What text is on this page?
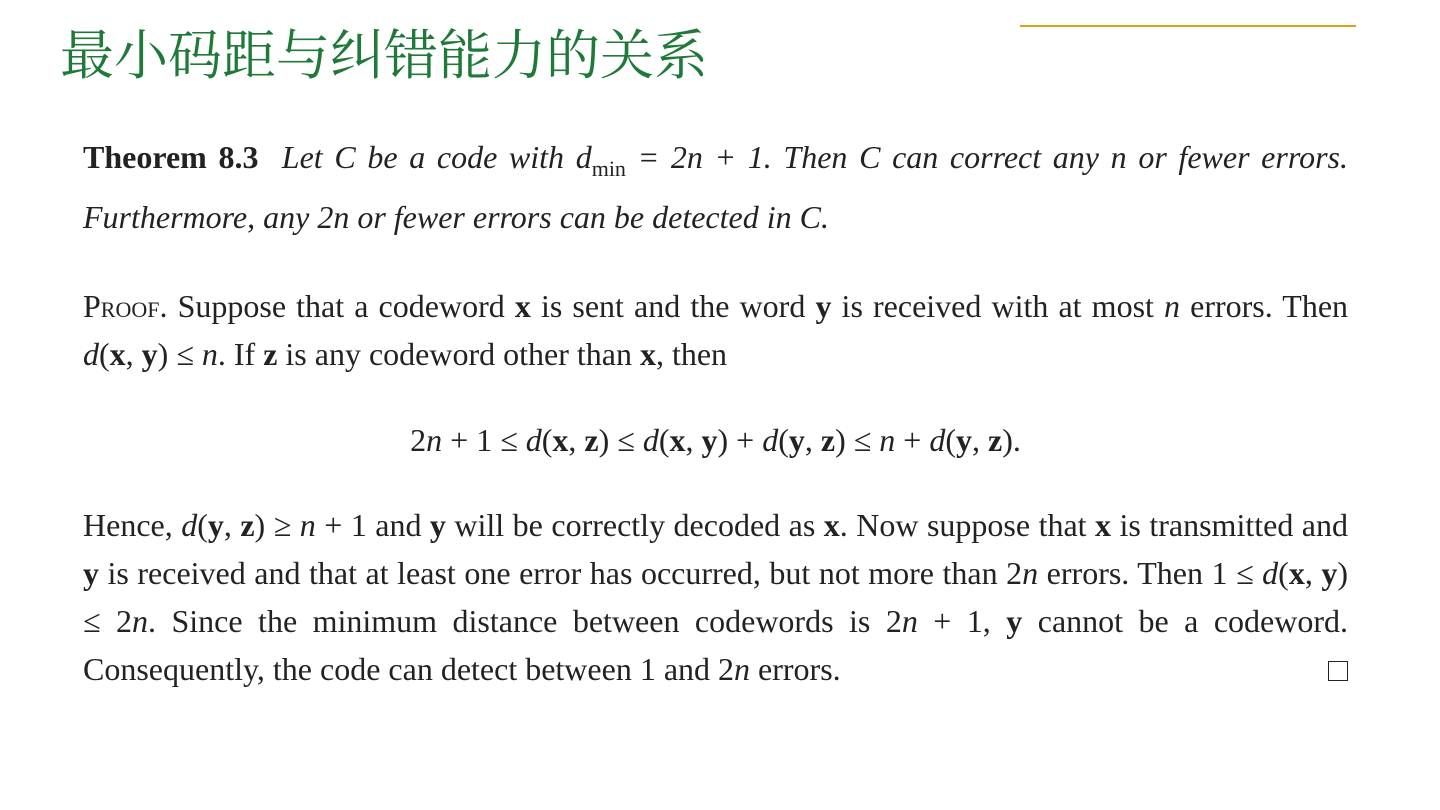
最小码距与纠错能力的关系

Theorem 8.3 Let C be a code with $d_{min} = 2n + 1$. Then C can correct any n or fewer errors. Furthermore, any 2n or fewer errors can be detected in C.

Proof. Suppose that a codeword x is sent and the word y is received with at most n errors. Then d(x, y) ≤ n. If z is any codeword other than x, then

2n + 1 ≤ d(x, z) ≤ d(x, y) + d(y, z) ≤ n + d(y, z).

Hence, d(y, z) ≥ n + 1 and y will be correctly decoded as x. Now suppose that x is transmitted and y is received and that at least one error has occurred, but not more than 2n errors. Then 1 ≤ d(x, y) ≤ 2n. Since the minimum distance between codewords is 2n + 1, y cannot be a codeword. Consequently, the code can detect between 1 and 2n errors.
